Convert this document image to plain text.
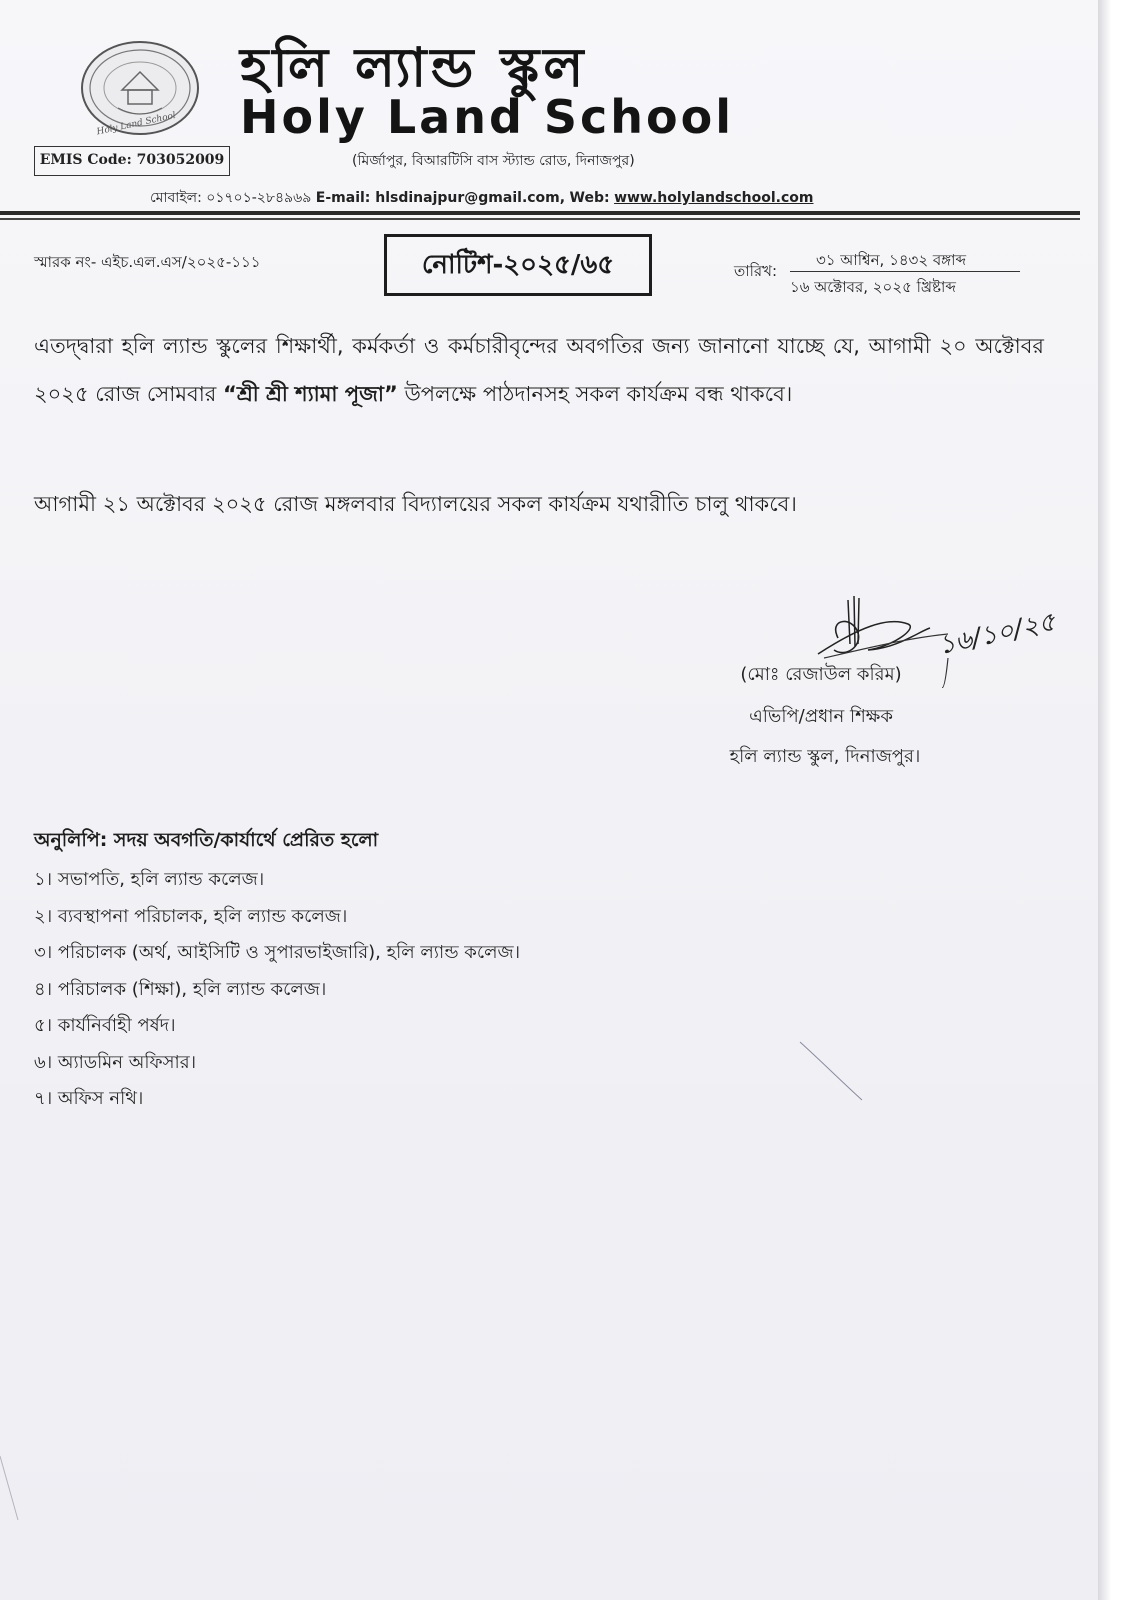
Holy Land School
হলি ল্যান্ড স্কুল
Holy Land School
EMIS Code: 703052009	(মির্জাপুর, বিআরটিসি বাস স্ট্যান্ড রোড, দিনাজপুর)
মোবাইল: ০১৭০১-২৮৪৯৬৯ E-mail: hlsdinajpur@gmail.com, Web: www.holylandschool.com
স্মারক নং- এইচ.এল.এস/২০২৫-১১১	নোটিশ-২০২৫/৬৫	তারিখ:
৩১ আশ্বিন, ১৪৩২ বঙ্গাব্দ
১৬ অক্টোবর, ২০২৫ খ্রিষ্টাব্দ
এতদ্দ্বারা হলি ল্যান্ড স্কুলের শিক্ষার্থী, কর্মকর্তা ও কর্মচারীবৃন্দের অবগতির জন্য জানানো যাচ্ছে যে, আগামী ২০ অক্টোবর ২০২৫ রোজ সোমবার “শ্রী শ্রী শ্যামা পূজা” উপলক্ষে পাঠদানসহ সকল কার্যক্রম বন্ধ থাকবে।
আগামী ২১ অক্টোবর ২০২৫ রোজ মঙ্গলবার বিদ্যালয়ের সকল কার্যক্রম যথারীতি চালু থাকবে।
১৬/১০/২৫
(মোঃ রেজাউল করিম)
এভিপি/প্রধান শিক্ষক
হলি ল্যান্ড স্কুল, দিনাজপুর।
অনুলিপি: সদয় অবগতি/কার্যার্থে প্রেরিত হলো
১। সভাপতি, হলি ল্যান্ড কলেজ।
২। ব্যবস্থাপনা পরিচালক, হলি ল্যান্ড কলেজ।
৩। পরিচালক (অর্থ, আইসিটি ও সুপারভাইজারি), হলি ল্যান্ড কলেজ।
৪। পরিচালক (শিক্ষা), হলি ল্যান্ড কলেজ।
৫। কার্যনির্বাহী পর্ষদ।
৬। অ্যাডমিন অফিসার।
৭। অফিস নথি।
